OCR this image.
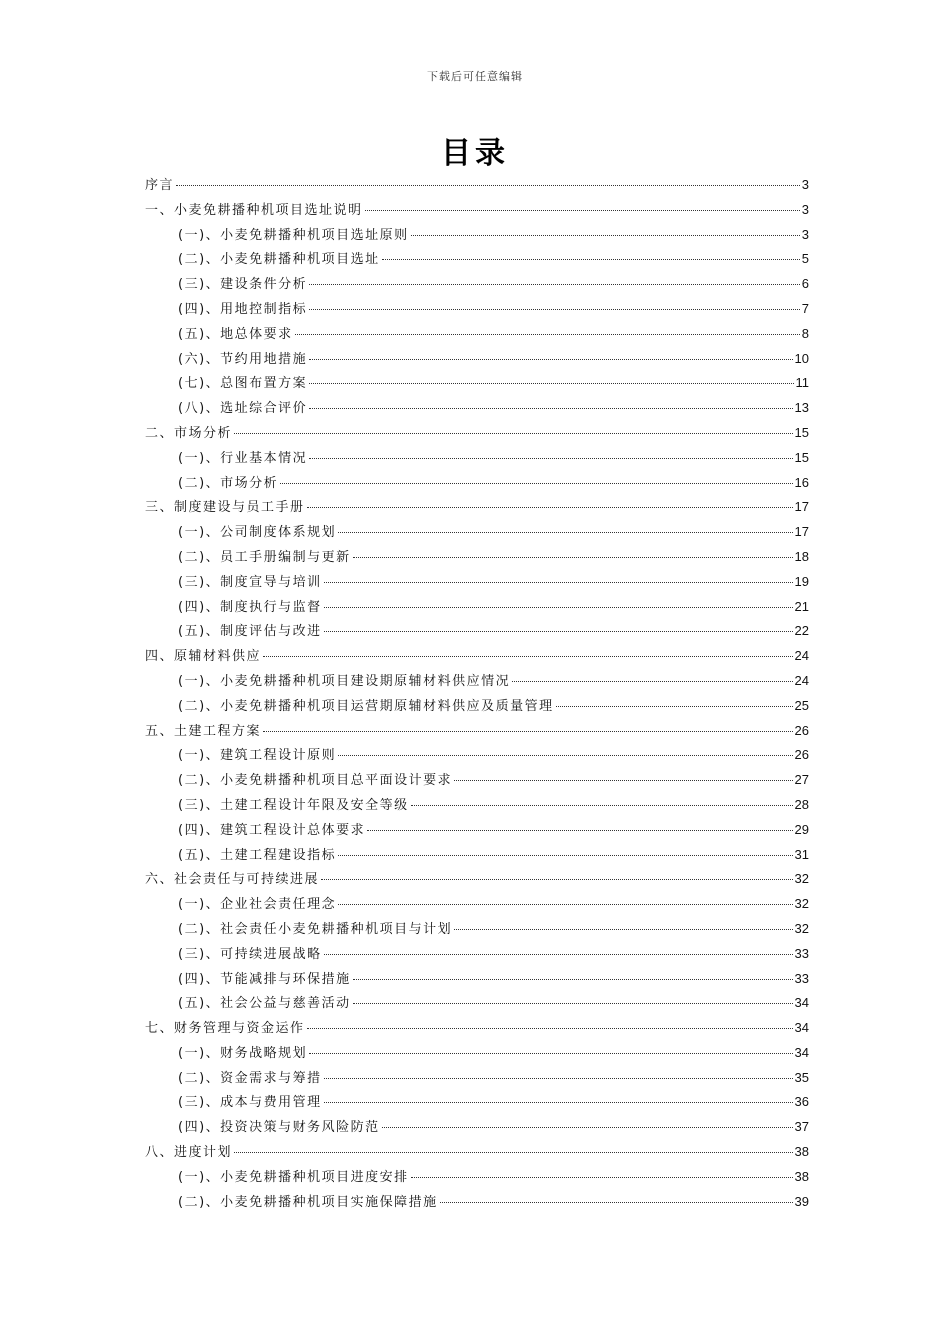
下载后可任意编辑
目录
序言	3
一、小麦免耕播种机项目选址说明	3
(一)、小麦免耕播种机项目选址原则	3
(二)、小麦免耕播种机项目选址	5
(三)、建设条件分析	6
(四)、用地控制指标	7
(五)、地总体要求	8
(六)、节约用地措施	10
(七)、总图布置方案	11
(八)、选址综合评价	13
二、市场分析	15
(一)、行业基本情况	15
(二)、市场分析	16
三、制度建设与员工手册	17
(一)、公司制度体系规划	17
(二)、员工手册编制与更新	18
(三)、制度宣导与培训	19
(四)、制度执行与监督	21
(五)、制度评估与改进	22
四、原辅材料供应	24
(一)、小麦免耕播种机项目建设期原辅材料供应情况	24
(二)、小麦免耕播种机项目运营期原辅材料供应及质量管理	25
五、土建工程方案	26
(一)、建筑工程设计原则	26
(二)、小麦免耕播种机项目总平面设计要求	27
(三)、土建工程设计年限及安全等级	28
(四)、建筑工程设计总体要求	29
(五)、土建工程建设指标	31
六、社会责任与可持续进展	32
(一)、企业社会责任理念	32
(二)、社会责任小麦免耕播种机项目与计划	32
(三)、可持续进展战略	33
(四)、节能减排与环保措施	33
(五)、社会公益与慈善活动	34
七、财务管理与资金运作	34
(一)、财务战略规划	34
(二)、资金需求与筹措	35
(三)、成本与费用管理	36
(四)、投资决策与财务风险防范	37
八、进度计划	38
(一)、小麦免耕播种机项目进度安排	38
(二)、小麦免耕播种机项目实施保障措施	39
